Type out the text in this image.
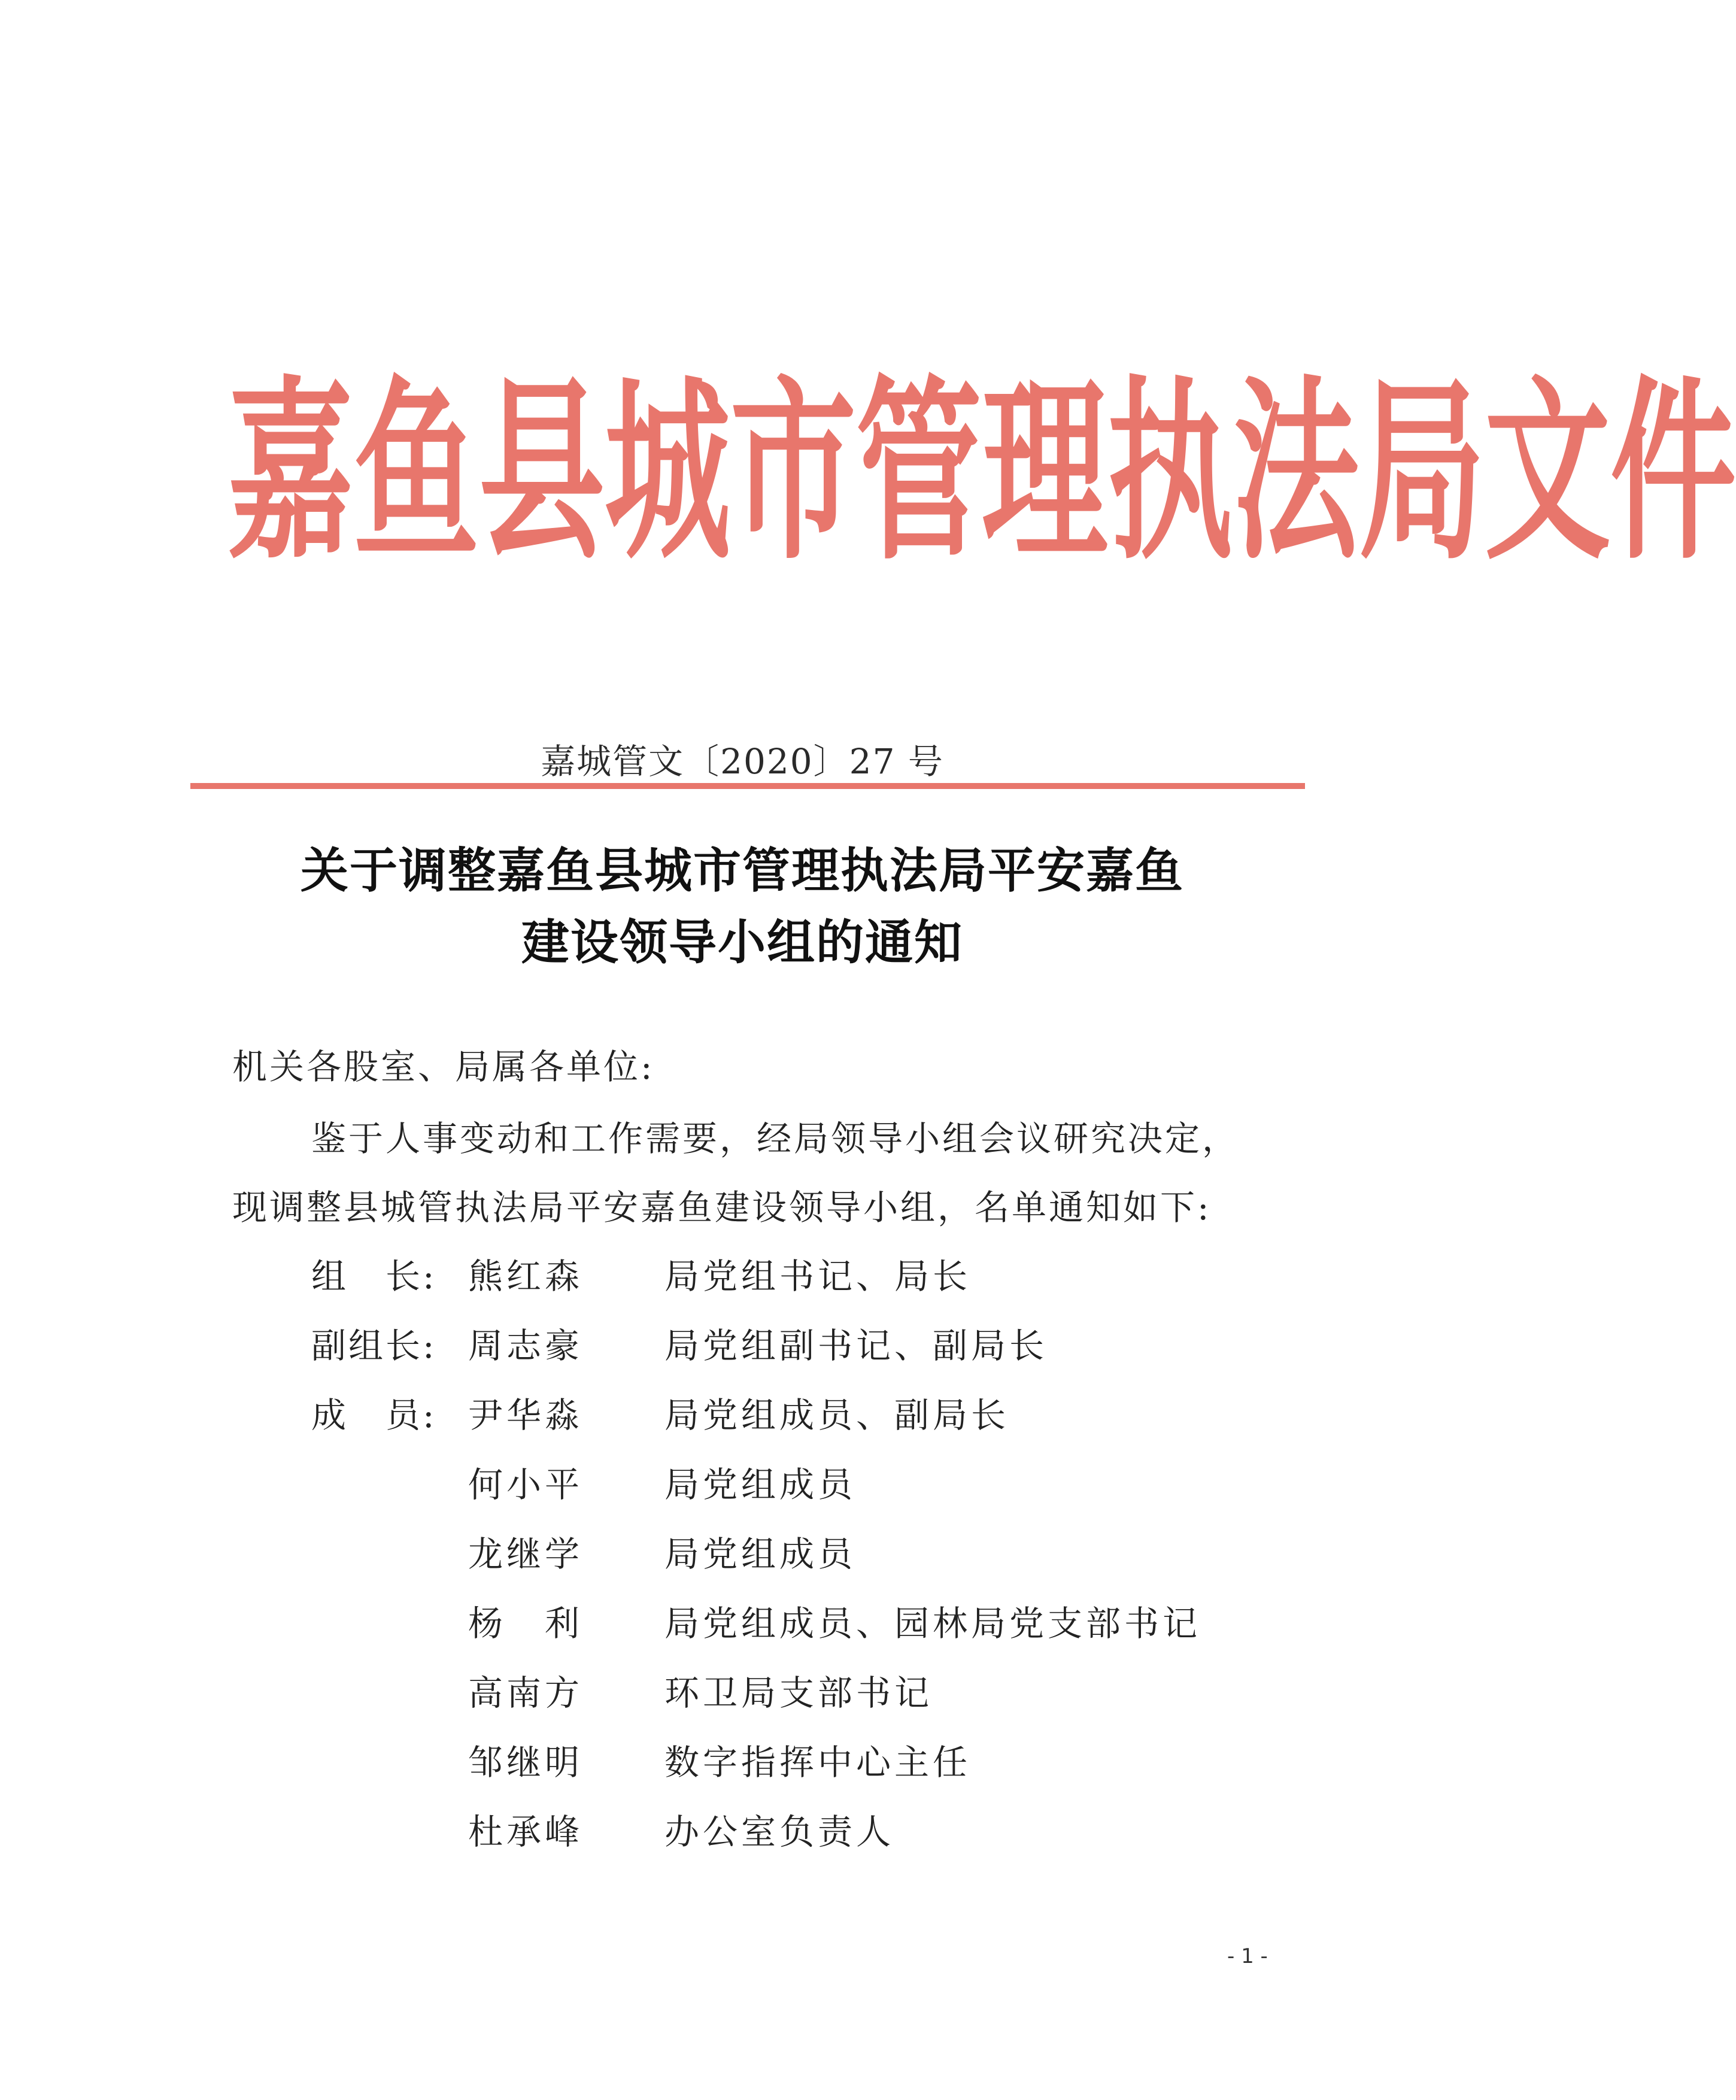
嘉 鱼 县 城 市 管 理 执 法 局 文 件
嘉城管文〔2020〕27 号
关于调整嘉鱼县城市管理执法局平安嘉鱼
建设领导小组的通知
机关各股室、局属各单位:
鉴于人事变动和工作需要，经局领导小组会议研究决定，
现调整县城管执法局平安嘉鱼建设领导小组，名单通知如下:
组　长: 熊红森 局党组书记、局长
副组长: 周志豪 局党组副书记、副局长
成　员: 尹华淼 局党组成员、副局长
何小平 局党组成员
龙继学 局党组成员
杨　利 局党组成员、园林局党支部书记
高南方 环卫局支部书记
邹继明 数字指挥中心主任
杜承峰 办公室负责人
- 1 -
